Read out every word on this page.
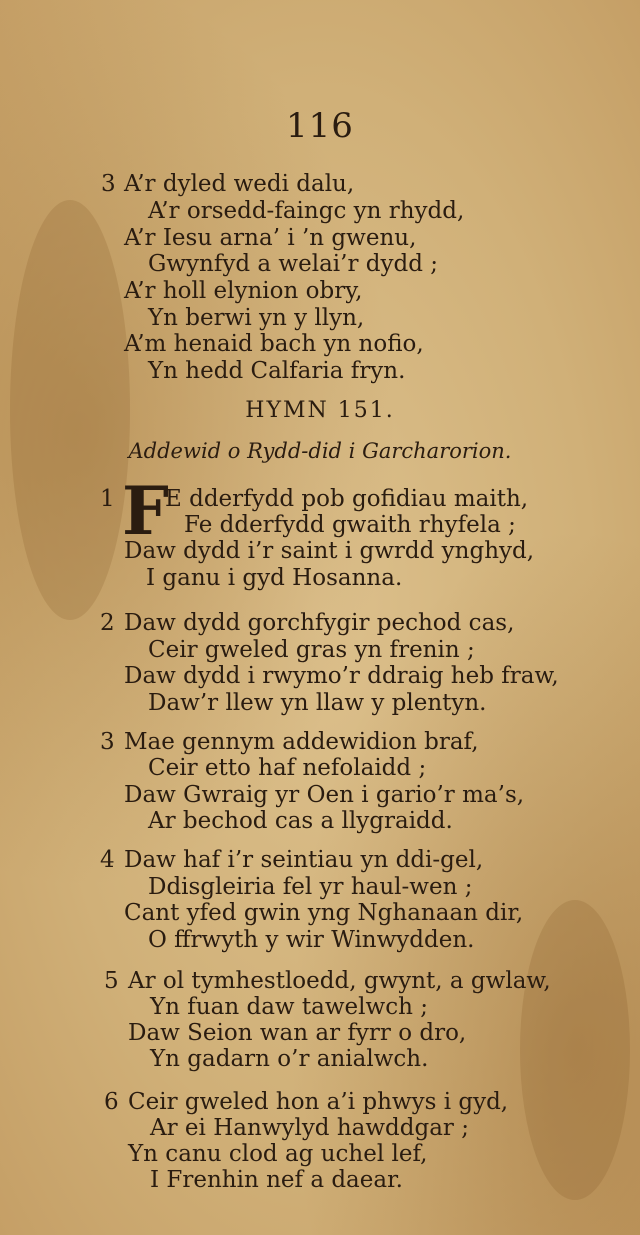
116
3 A’r dyled wedi dalu,
A’r orsedd-faingc yn rhydd,
A’r Iesu arna’ i ’n gwenu,
Gwynfyd a welai’r dydd ;
A’r holl elynion obry,
Yn berwi yn y llyn,
A’m henaid bach yn nofio,
Yn hedd Calfaria fryn.
HYMN 151.
Addewid o Rydd-did i Garcharorion.
1 F
E dderfydd pob gofidiau maith,
Fe dderfydd gwaith rhyfela ;
Daw dydd i’r saint i gwrdd ynghyd,
I ganu i gyd Hosanna.
2 Daw dydd gorchfygir pechod cas,
Ceir gweled gras yn frenin ;
Daw dydd i rwymo’r ddraig heb fraw,
Daw’r llew yn llaw y plentyn.
3 Mae gennym addewidion braf,
Ceir etto haf nefolaidd ;
Daw Gwraig yr Oen i gario’r ma’s,
Ar bechod cas a llygraidd.
4 Daw haf i’r seintiau yn ddi-gel,
Ddisgleiria fel yr haul-wen ;
Cant yfed gwin yng Nghanaan dir,
O ffrwyth y wir Winwydden.
5 Ar ol tymhestloedd, gwynt, a gwlaw,
Yn fuan daw tawelwch ;
Daw Seion wan ar fyrr o dro,
Yn gadarn o’r anialwch.
6 Ceir gweled hon a’i phwys i gyd,
Ar ei Hanwylyd hawddgar ;
Yn canu clod ag uchel lef,
I Frenhin nef a daear.
